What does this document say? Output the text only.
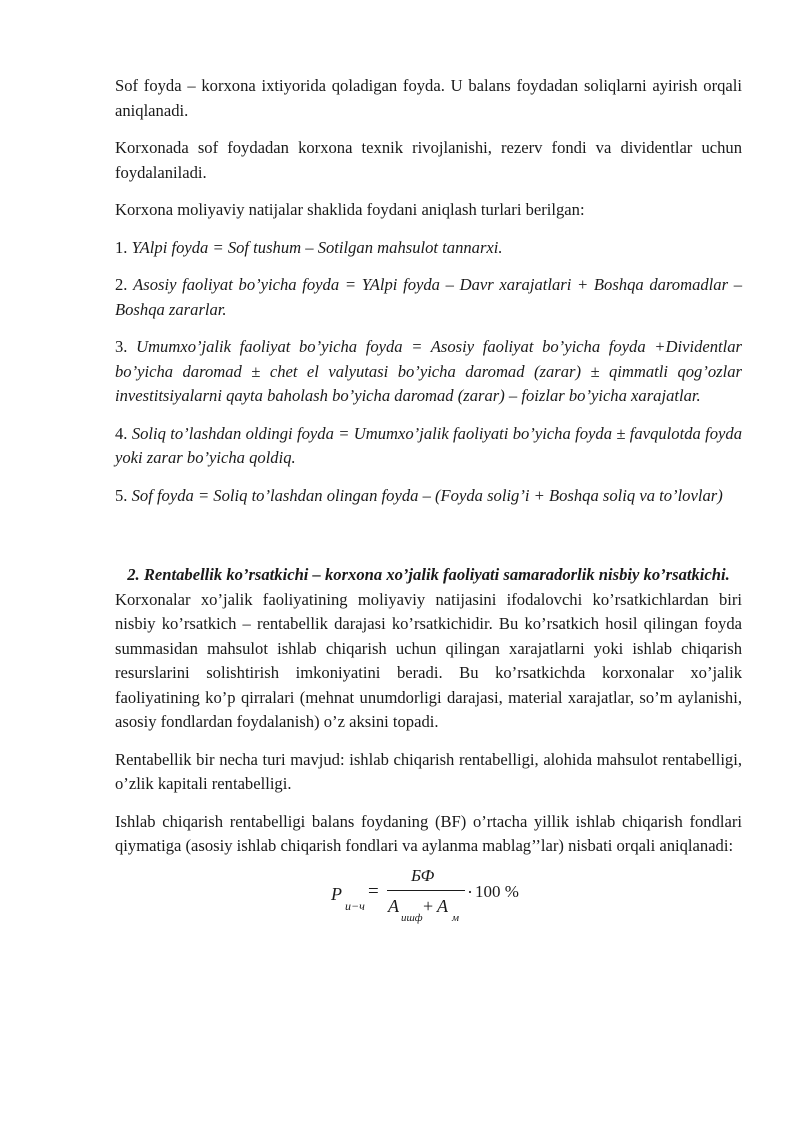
Sof foyda – korxona ixtiyorida qoladigan foyda. U balans foydadan soliqlarni ayirish orqali aniqlanadi.

Korxonada sof foydadan korxona texnik rivojlanishi, rezerv fondi va dividentlar uchun foydalaniladi.

Korxona moliyaviy natijalar shaklida foydani aniqlash turlari berilgan:

1. YAlpi foyda = Sof tushum – Sotilgan mahsulot tannarxi.

2. Asosiy faoliyat bo’yicha foyda = YAlpi foyda – Davr xarajatlari + Boshqa daromadlar – Boshqa zararlar.

3. Umumxo’jalik faoliyat bo’yicha foyda = Asosiy faoliyat bo’yicha foyda +Dividentlar bo’yicha daromad ± chet el valyutasi bo’yicha daromad (zarar) ± qimmatli qog’ozlar investitsiyalarni qayta baholash bo’yicha daromad (zarar) – foizlar bo’yicha xarajatlar.

4. Soliq to’lashdan oldingi foyda = Umumxo’jalik faoliyati bo’yicha foyda ± favqulotda foyda yoki zarar bo’yicha qoldiq.

5. Sof foyda = Soliq to’lashdan olingan foyda – (Foyda solig’i + Boshqa soliq va to’lovlar)

2. Rentabellik ko’rsatkichi – korxona xo’jalik faoliyati samaradorlik nisbiy ko’rsatkichi.

Korxonalar xo’jalik faoliyatining moliyaviy natijasini ifodalovchi ko’rsatkichlardan biri nisbiy ko’rsatkich – rentabellik darajasi ko’rsatkichidir. Bu ko’rsatkich hosil qilingan foyda summasidan mahsulot ishlab chiqarish uchun qilingan xarajatlarni yoki ishlab chiqarish resurslarini solishtirish imkoniyatini beradi. Bu ko’rsatkichda korxonalar xo’jalik faoliyatining ko’p qirralari (mehnat unumdorligi darajasi, material xarajatlar, so’m aylanishi, asosiy fondlardan foydalanish) o’z aksini topadi.

Rentabellik bir necha turi mavjud: ishlab chiqarish rentabelligi, alohida mahsulot rentabelligi, o’zlik kapitali rentabelligi.

Ishlab chiqarish rentabelligi balans foydaning (BF) o’rtacha yillik ishlab chiqarish fondlari qiymatiga (asosiy ishlab chiqarish fondlari va aylanma mablag’’lar) nisbati orqali aniqlanadi:

Р
и−ч
=
БФ
А
ишф
+ А
м
· 100 %
